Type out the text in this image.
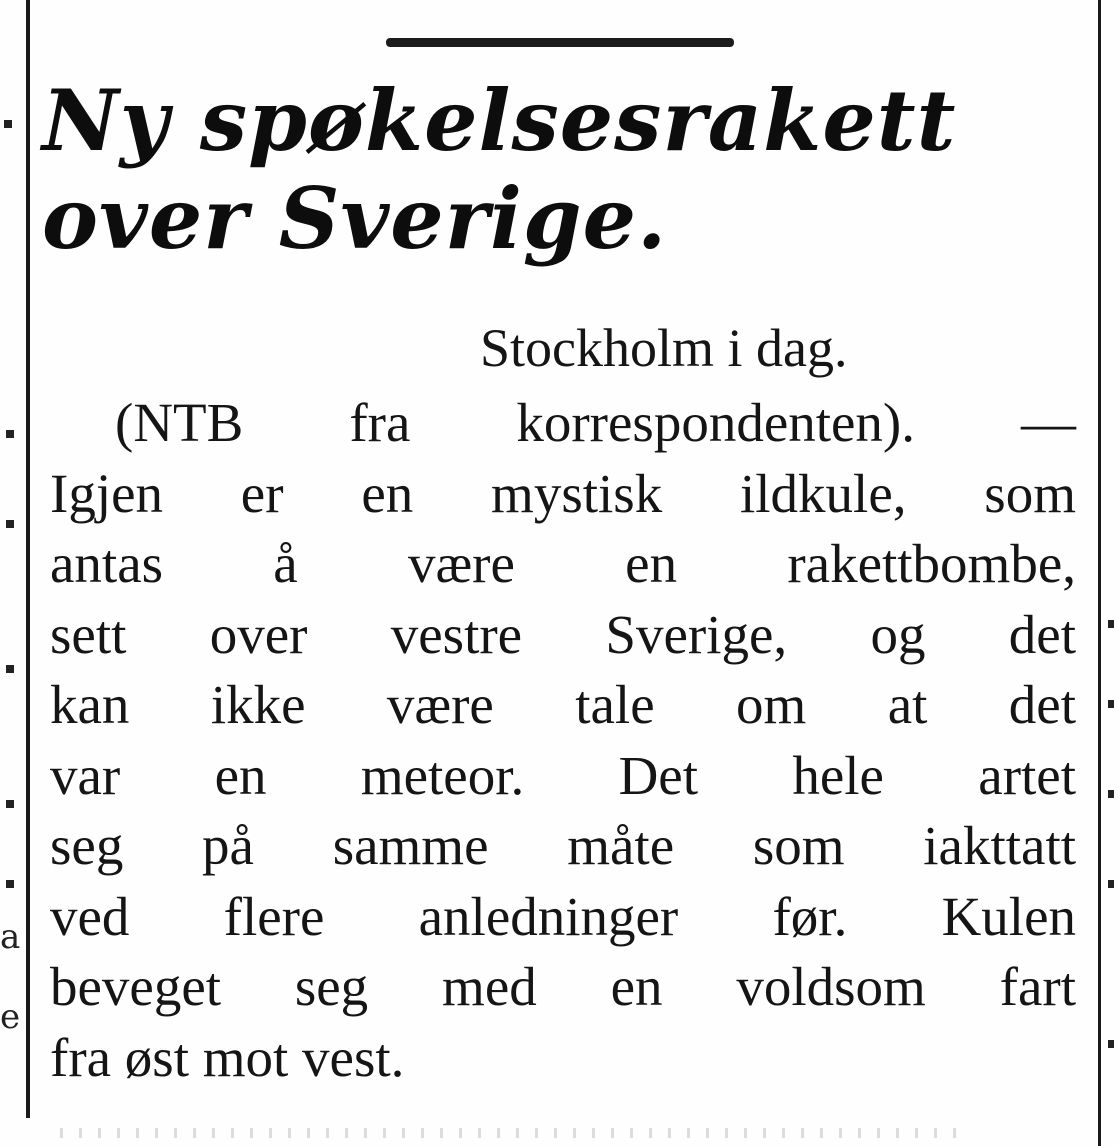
a
e
Ny spøkelsesrakett
over Sverige.
Stockholm i dag.
(NTB fra korrespondenten). —
Igjen er en mystisk ildkule, som
antas å være en rakettbombe,
sett over vestre Sverige, og det
kan ikke være tale om at det
var en meteor. Det hele artet
seg på samme måte som iakttatt
ved flere anledninger før. Kulen
beveget seg med en voldsom fart
fra øst mot vest.
